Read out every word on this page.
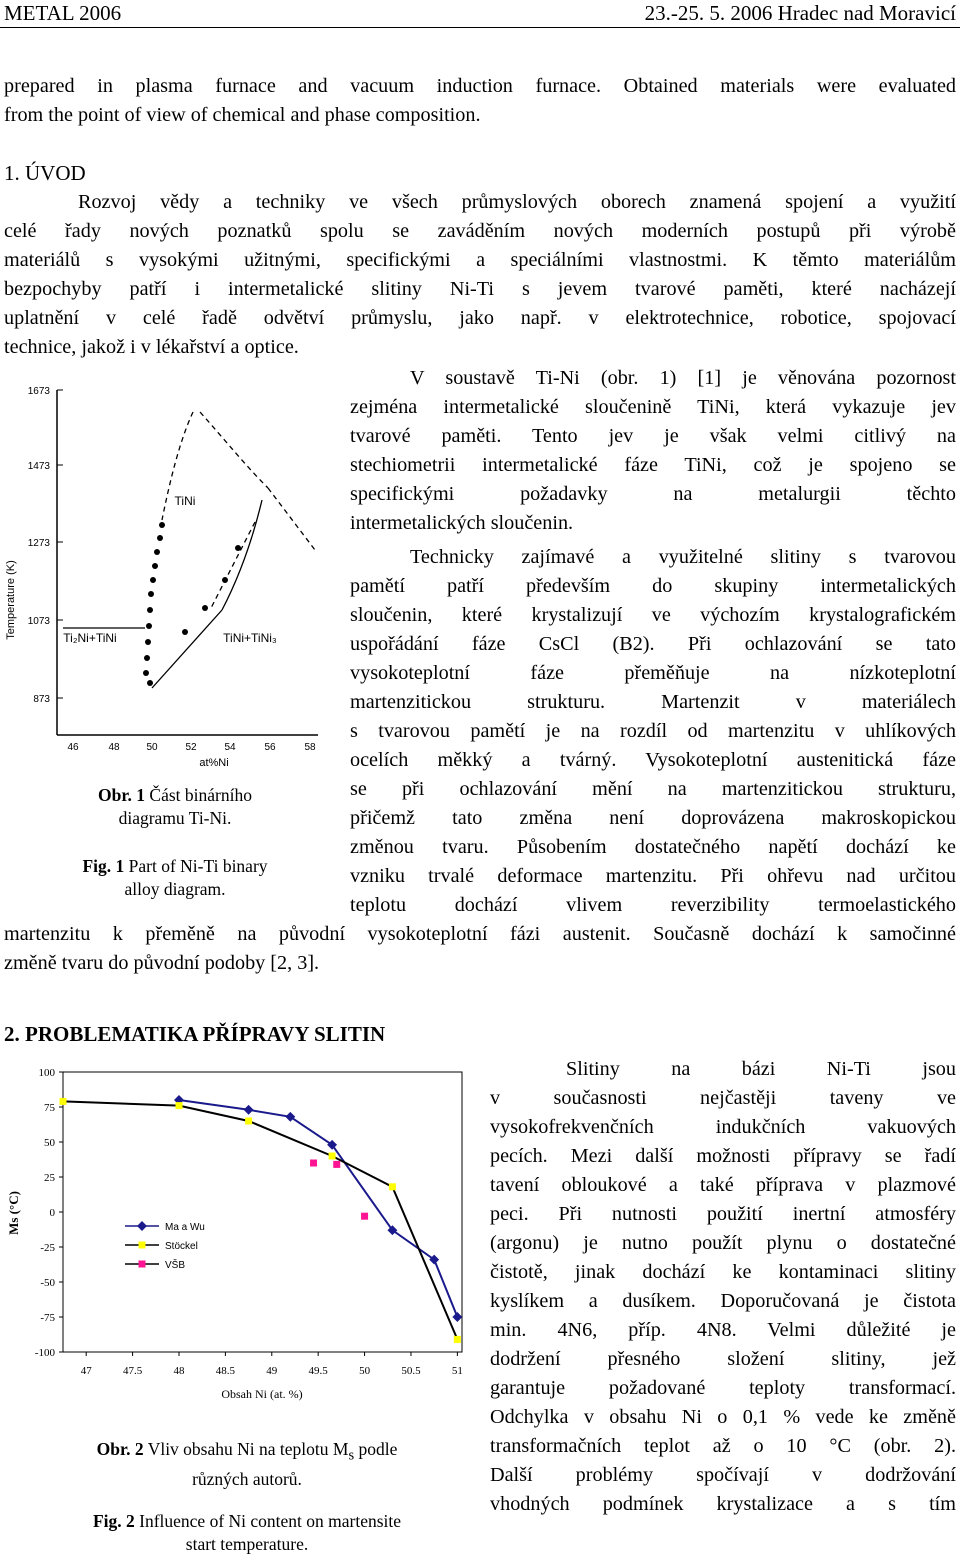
METAL 2006	23.-25. 5. 2006 Hradec nad Moravicí

prepared in plasma furnace and vacuum induction furnace. Obtained materials were evaluated

from the point of view of chemical and phase composition.

1. ÚVOD

Rozvoj vědy a techniky ve všech průmyslových oborech znamená spojení a využití

celé řady nových poznatků spolu se zaváděním nových moderních postupů při výrobě

materiálů s vysokými užitnými, specifickými a speciálními vlastnostmi. K těmto materiálům

bezpochyby patří i intermetalické slitiny Ni-Ti s jevem tvarové paměti, které nacházejí

uplatnění v celé řadě odvětví průmyslu, jako např. v elektrotechnice, robotice, spojovací

technice, jakož i v lékařství a optice.

V soustavě Ti-Ni (obr. 1) [1] je věnována pozornost

zejména intermetalické sloučenině TiNi, která vykazuje jev

tvarové paměti. Tento jev je však velmi citlivý na

stechiometrii intermetalické fáze TiNi, což je spojeno se

specifickými požadavky na metalurgii těchto

intermetalických sloučenin.

Technicky zajímavé a využitelné slitiny s tvarovou

pamětí patří především do skupiny intermetalických

sloučenin, které krystalizují ve výchozím krystalografickém

uspořádání fáze CsCl (B2). Při ochlazování se tato

vysokoteplotní fáze přeměňuje na nízkoteplotní

martenzitickou strukturu. Martenzit v materiálech

s tvarovou pamětí je na rozdíl od martenzitu v uhlíkových

ocelích měkký a tvárný. Vysokoteplotní austenitická fáze

se při ochlazování mění na martenzitickou strukturu,

přičemž tato změna není doprovázena makroskopickou

změnou tvaru. Působením dostatečného napětí dochází ke

vzniku trvalé deformace martenzitu. Při ohřevu nad určitou

teplotu dochází vlivem reverzibility termoelastického

martenzitu k přeměně na původní vysokoteplotní fázi austenit. Současně dochází k samočinné

změně tvaru do původní podoby [2, 3].

1673
1473
1273
1073
873
Temperature (K)
46	48	50	52	54	56	58
at%Ni
TiNi
Ti₂Ni+TiNi	TiNi+TiNi₃

Obr. 1 Část binárního
diagramu Ti-Ni.

Fig. 1 Part of Ni-Ti binary
alloy diagram.

2. PROBLEMATIKA PŘÍPRAVY SLITIN

Slitiny na bázi Ni-Ti jsou

v současnosti nejčastěji taveny ve

vysokofrekvenčních indukčních vakuových

pecích. Mezi další možnosti přípravy se řadí

tavení obloukové a také příprava v plazmové

peci. Při nutnosti použití inertní atmosféry

(argonu) je nutno použít plynu o dostatečné

čistotě, jinak dochází ke kontaminaci slitiny

kyslíkem a dusíkem. Doporučovaná je čistota

min. 4N6, příp. 4N8. Velmi důležité je

dodržení přesného složení slitiny, jež

garantuje požadované teploty transformací.

Odchylka v obsahu Ni o 0,1 % vede ke změně

transformačních teplot až o 10 °C (obr. 2).

Další problémy spočívají v dodržování

vhodných podmínek krystalizace a s tím

100
75
50
25
0
-25
-50
-75
-100
47	47.5	48	48.5	49	49.5	50	50.5	51
Ma a Wu
Stöckel
VŠB
Ms (°C)
Obsah Ni (at. %)

Obr. 2 Vliv obsahu Ni na teplotu $M_s$ podle
různých autorů.

Fig. 2 Influence of Ni content on martensite
start temperature.
